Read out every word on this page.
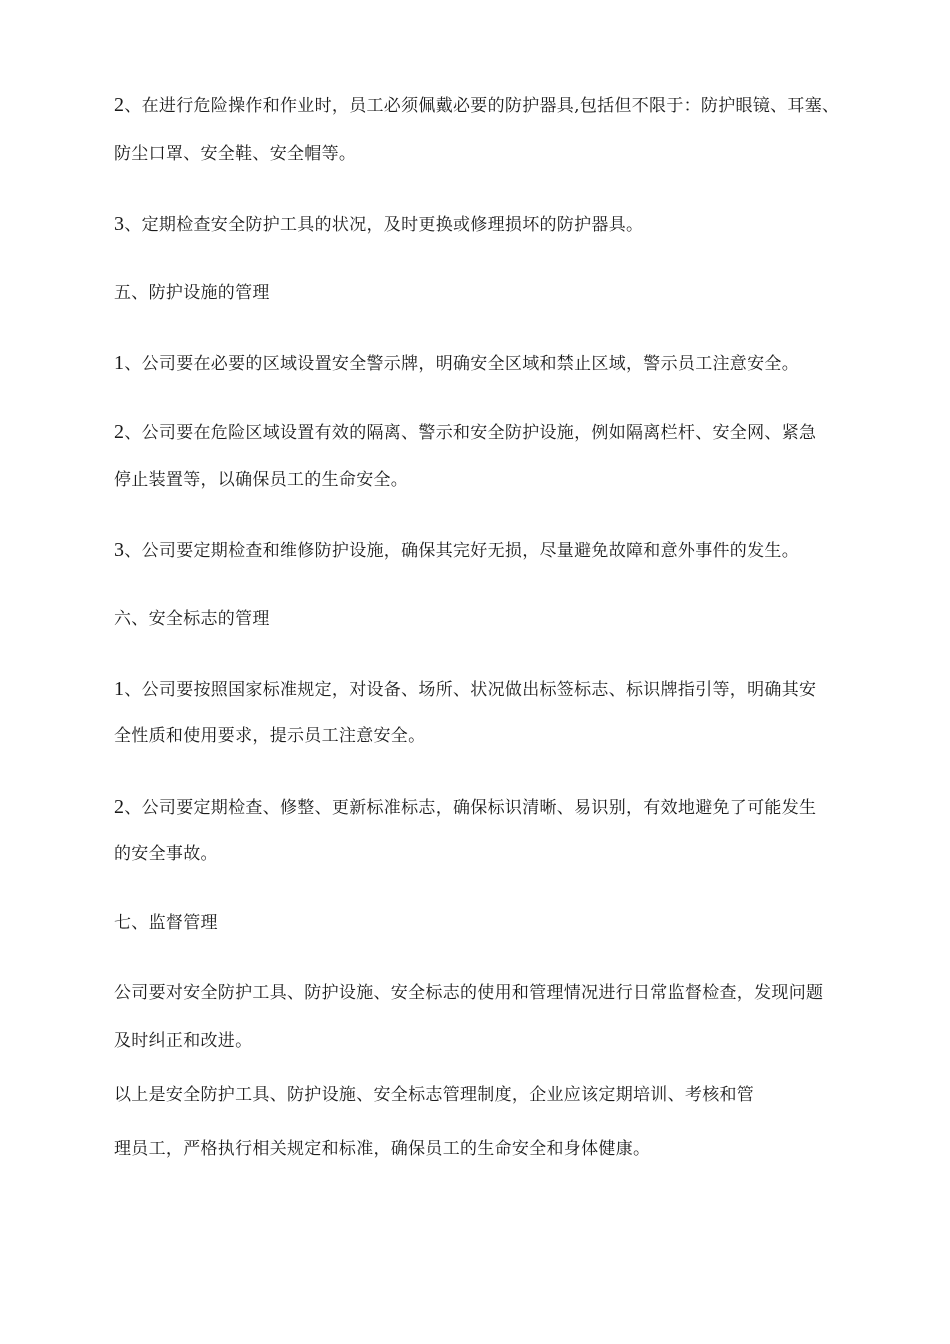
2、在进行危险操作和作业时，员工必须佩戴必要的防护器具,包括但不限于：防护眼镜、耳塞、
防尘口罩、安全鞋、安全帽等。
3、定期检查安全防护工具的状况，及时更换或修理损坏的防护器具。
五、防护设施的管理
1、公司要在必要的区域设置安全警示牌，明确安全区域和禁止区域，警示员工注意安全。
2、公司要在危险区域设置有效的隔离、警示和安全防护设施，例如隔离栏杆、安全网、紧急
停止装置等，以确保员工的生命安全。
3、公司要定期检查和维修防护设施，确保其完好无损，尽量避免故障和意外事件的发生。
六、安全标志的管理
1、公司要按照国家标准规定，对设备、场所、状况做出标签标志、标识牌指引等，明确其安
全性质和使用要求，提示员工注意安全。
2、公司要定期检查、修整、更新标准标志，确保标识清晰、易识别，有效地避免了可能发生
的安全事故。
七、监督管理
公司要对安全防护工具、防护设施、安全标志的使用和管理情况进行日常监督检查，发现问题
及时纠正和改进。
以上是安全防护工具、防护设施、安全标志管理制度，企业应该定期培训、考核和管
理员工，严格执行相关规定和标准，确保员工的生命安全和身体健康。
